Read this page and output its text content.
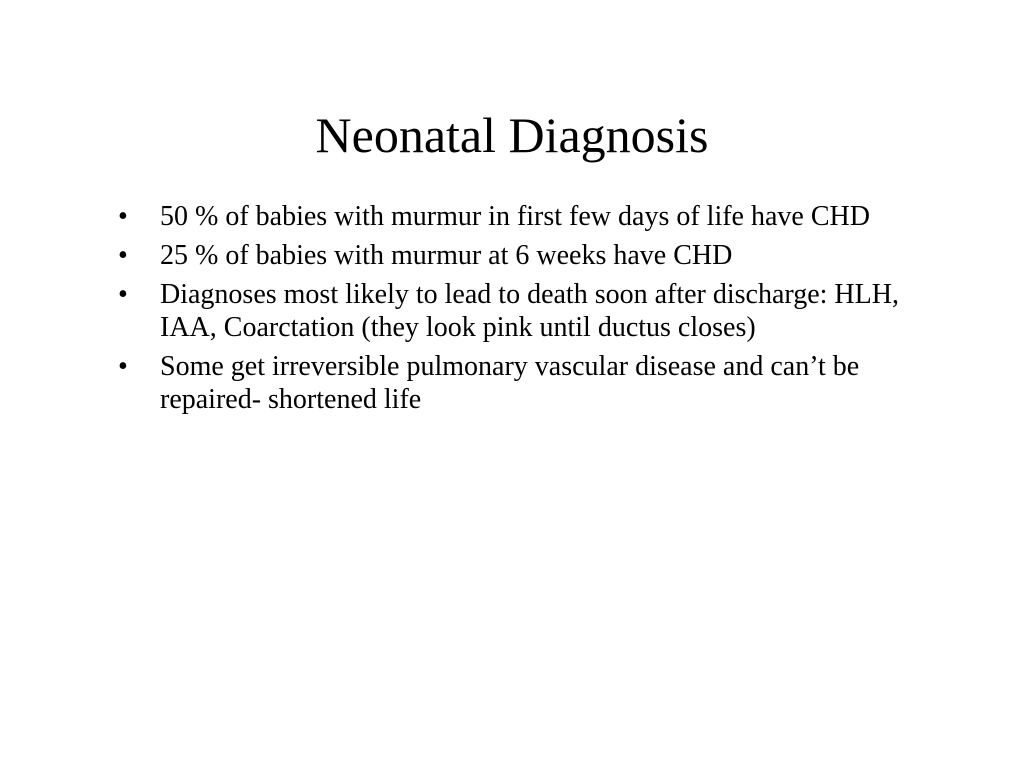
Neonatal Diagnosis
•	50 % of babies with murmur in first few days of life have CHD
•	25 % of babies with murmur at 6 weeks have CHD
•	Diagnoses most likely to lead to death soon after discharge: HLH, IAA, Coarctation (they look pink until ductus closes)
•	Some get irreversible pulmonary vascular disease and can’t be repaired- shortened life
